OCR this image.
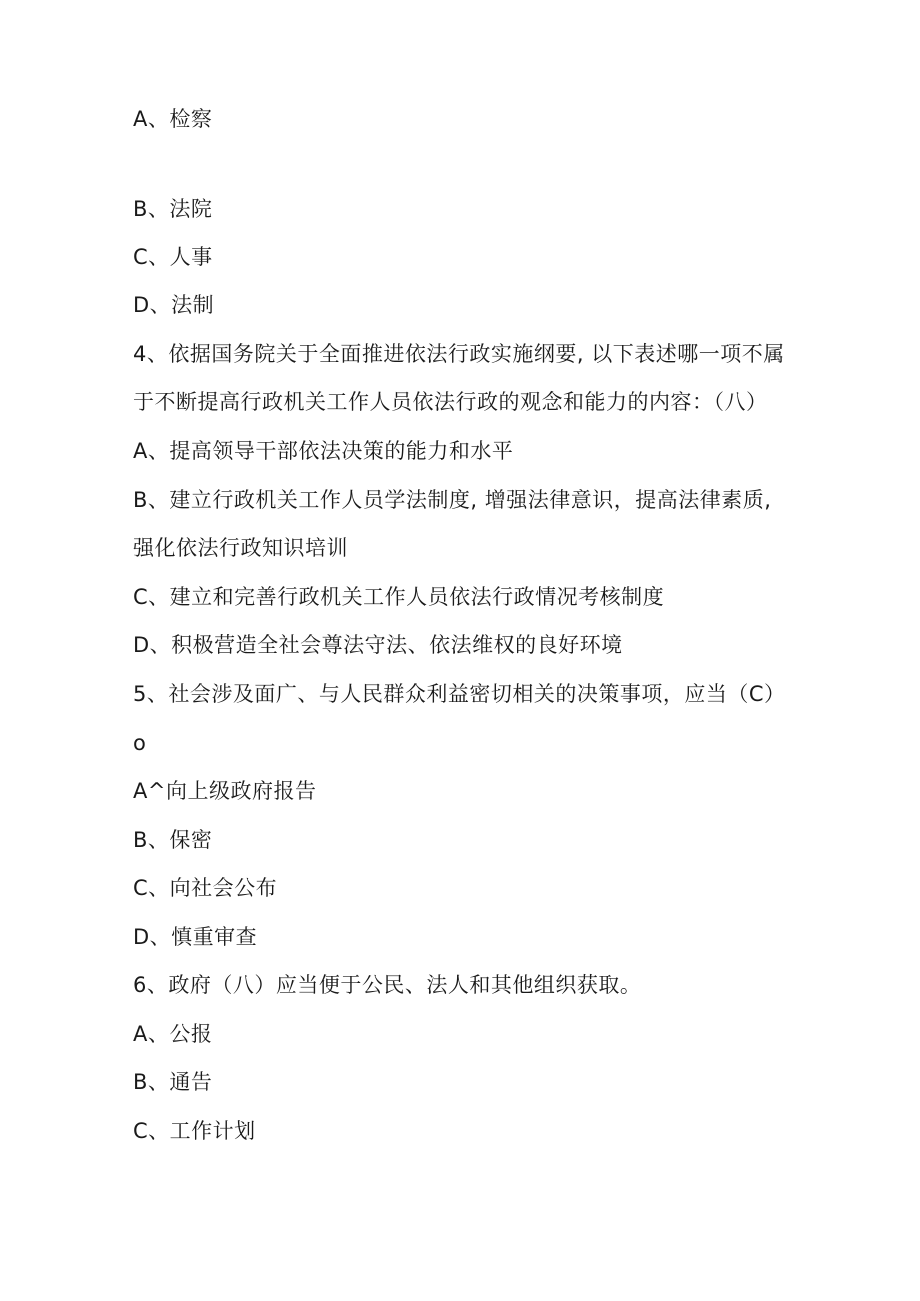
A、检察
B、法院
C、人事
D、法制
4、依据国务院关于全面推进依法行政实施纲要, 以下表述哪一项不属
于不断提高行政机关工作人员依法行政的观念和能力的内容：（八）
A、提高领导干部依法决策的能力和水平
B、建立行政机关工作人员学法制度, 增强法律意识，提高法律素质,
强化依法行政知识培训
C、建立和完善行政机关工作人员依法行政情况考核制度
D、积极营造全社会尊法守法、依法维权的良好环境
5、社会涉及面广、与人民群众利益密切相关的决策事项，应当（C）
o
A^向上级政府报告
B、保密
C、向社会公布
D、慎重审查
6、政府（八）应当便于公民、法人和其他组织获取。
A、公报
B、通告
C、工作计划
